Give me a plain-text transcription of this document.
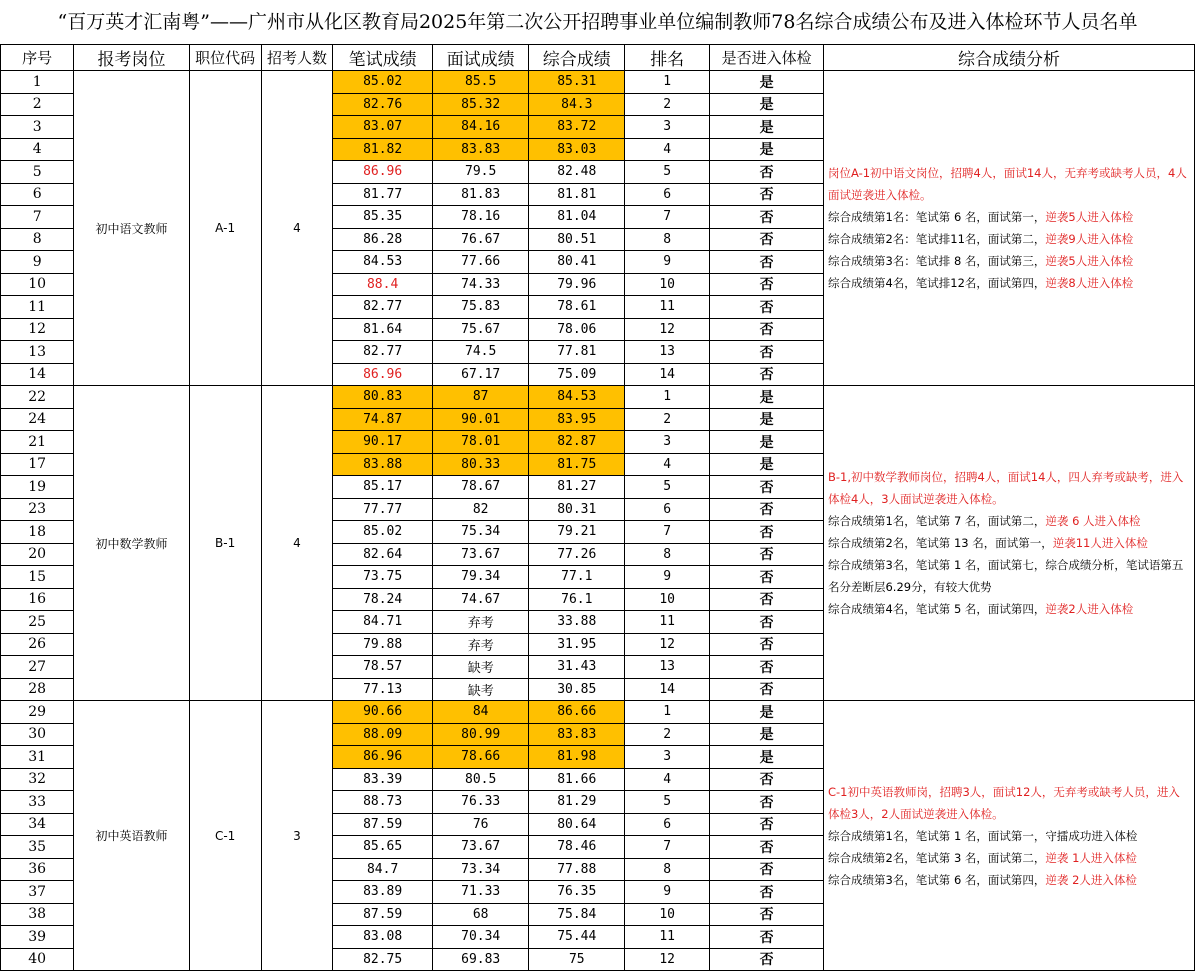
“百万英才汇南粤”——广州市从化区教育局2025年第二次公开招聘事业单位编制教师78名综合成绩公布及进入体检环节人员名单
序号	报考岗位	职位代码	招考人数	笔试成绩	面试成绩	综合成绩	排名	是否进入体检	综合成绩分析
1	初中语文教师	A-1	4	85.02	85.5	85.31	1	是	岗位A-1初中语文岗位，招聘4人，面试14人，无弃考或缺考人员，4人面试逆袭进入体检。

综合成绩第1名：笔试第 6 名，面试第一，逆袭5人进入体检

综合成绩第2名：笔试排11名，面试第二，逆袭9人进入体检

综合成绩第3名：笔试排 8 名，面试第三，逆袭5人进入体检

综合成绩第4名，笔试排12名，面试第四，逆袭8人进入体检

2				82.76	85.32	84.3	2	是	
3				83.07	84.16	83.72	3	是	
4				81.82	83.83	83.03	4	是	
5				86.96	79.5	82.48	5	否	
6				81.77	81.83	81.81	6	否	
7				85.35	78.16	81.04	7	否	
8				86.28	76.67	80.51	8	否	
9				84.53	77.66	80.41	9	否	
10				88.4	74.33	79.96	10	否	
11				82.77	75.83	78.61	11	否	
12				81.64	75.67	78.06	12	否	
13				82.77	74.5	77.81	13	否	
14				86.96	67.17	75.09	14	否	
22	初中数学教师	B-1	4	80.83	87	84.53	1	是	B-1,初中数学教师岗位，招聘4人，面试14人，四人弃考或缺考，进入体检4人，3人面试逆袭进入体检。

综合成绩第1名，笔试第 7 名，面试第二，逆袭 6 人进入体检

综合成绩第2名，笔试第 13 名，面试第一，逆袭11人进入体检

综合成绩第3名，笔试第 1 名，面试第七，综合成绩分析，笔试语第五名分差断层6.29分，有较大优势

综合成绩第4名，笔试第 5 名，面试第四，逆袭2人进入体检

24				74.87	90.01	83.95	2	是	
21				90.17	78.01	82.87	3	是	
17				83.88	80.33	81.75	4	是	
19				85.17	78.67	81.27	5	否	
23				77.77	82	80.31	6	否	
18				85.02	75.34	79.21	7	否	
20				82.64	73.67	77.26	8	否	
15				73.75	79.34	77.1	9	否	
16				78.24	74.67	76.1	10	否	
25				84.71	弃考	33.88	11	否	
26				79.88	弃考	31.95	12	否	
27				78.57	缺考	31.43	13	否	
28				77.13	缺考	30.85	14	否	
29	初中英语教师	C-1	3	90.66	84	86.66	1	是	C-1初中英语教师岗，招聘3人，面试12人，无弃考或缺考人员，进入体检3人，2人面试逆袭进入体检。

综合成绩第1名，笔试第 1 名，面试第一，守擂成功进入体检

综合成绩第2名，笔试第 3 名，面试第二，逆袭 1人进入体检

综合成绩第3名，笔试第 6 名，面试第四，逆袭 2人进入体检

30				88.09	80.99	83.83	2	是	
31				86.96	78.66	81.98	3	是	
32				83.39	80.5	81.66	4	否	
33				88.73	76.33	81.29	5	否	
34				87.59	76	80.64	6	否	
35				85.65	73.67	78.46	7	否	
36				84.7	73.34	77.88	8	否	
37				83.89	71.33	76.35	9	否	
38				87.59	68	75.84	10	否	
39				83.08	70.34	75.44	11	否	
40				82.75	69.83	75	12	否	
